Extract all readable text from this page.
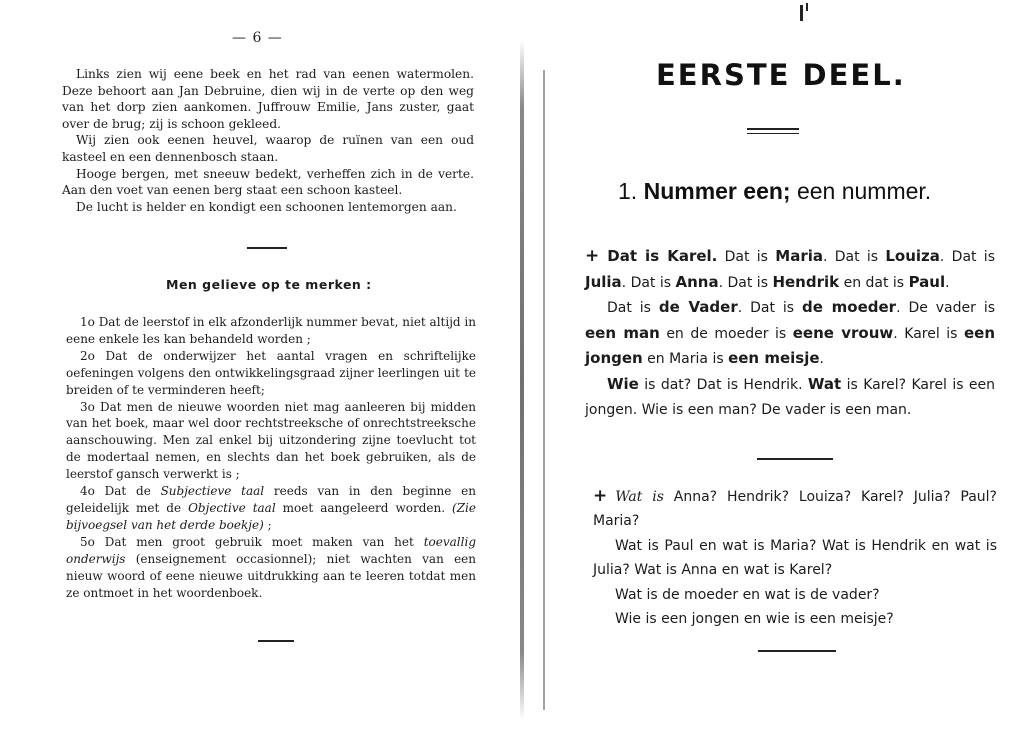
— 6 —

Links zien wij eene beek en het rad van eenen watermolen. Deze behoort aan Jan Debruine, dien wij in de verte op den weg van het dorp zien aankomen. Juffrouw Emilie, Jans zuster, gaat over de brug; zij is schoon gekleed.

Wij zien ook eenen heuvel, waarop de ruïnen van een oud kasteel en een dennenbosch staan.

Hooge bergen, met sneeuw bedekt, verheffen zich in de verte. Aan den voet van eenen berg staat een schoon kasteel.

De lucht is helder en kondigt een schoonen lentemorgen aan.

Men gelieve op te merken :

1o Dat de leerstof in elk afzonderlijk nummer bevat, niet altijd in eene enkele les kan behandeld worden ;

2o Dat de onderwijzer het aantal vragen en schriftelijke oefeningen volgens den ontwikkelingsgraad zijner leerlingen uit te breiden of te verminderen heeft;

3o Dat men de nieuwe woorden niet mag aanleeren bij midden van het boek, maar wel door rechtstreeksche of onrechtstreeksche aanschouwing. Men zal enkel bij uitzondering zijne toevlucht tot de modertaal nemen, en slechts dan het boek gebruiken, als de leerstof gansch verwerkt is ;

4o Dat de Subjectieve taal reeds van in den beginne en geleidelijk met de Objective taal moet aangeleerd worden. (Zie bijvoegsel van het derde boekje) ;

5o Dat men groot gebruik moet maken van het toevallig onderwijs (enseignement occasionnel); niet wachten van een nieuw woord of eene nieuwe uitdrukking aan te leeren totdat men ze ontmoet in het woordenboek.

EERSTE DEEL.
1. Nummer een; een nummer.

+ Dat is Karel. Dat is Maria. Dat is Louiza. Dat is Julia. Dat is Anna. Dat is Hendrik en dat is Paul.

Dat is de Vader. Dat is de moeder. De vader is een man en de moeder is eene vrouw. Karel is een jongen en Maria is een meisje.

Wie is dat? Dat is Hendrik. Wat is Karel? Karel is een jongen. Wie is een man? De vader is een man.

+ Wat is Anna? Hendrik? Louiza? Karel? Julia? Paul? Maria?

Wat is Paul en wat is Maria? Wat is Hendrik en wat is Julia? Wat is Anna en wat is Karel?

Wat is de moeder en wat is de vader?

Wie is een jongen en wie is een meisje?
